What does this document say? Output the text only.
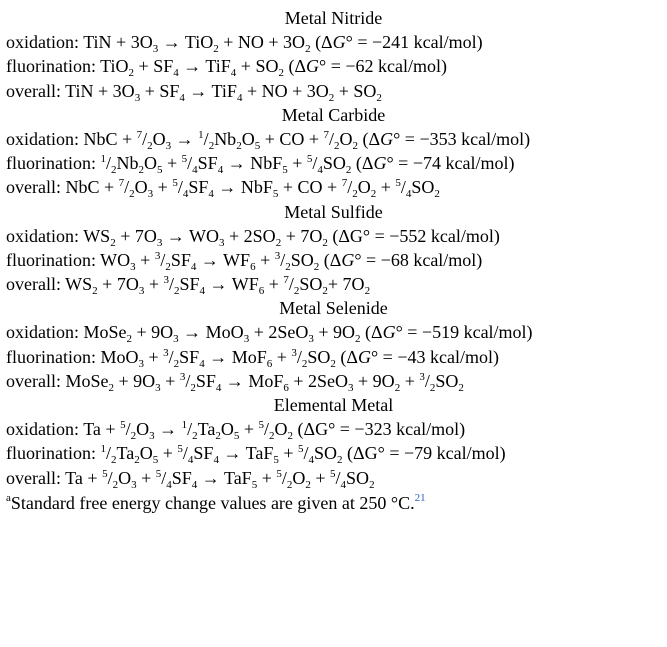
Metal Nitride
oxidation: TiN + $3O_3 \to TiO_2$ + NO + $3O_2$ (ΔG° = −241 kcal/mol)
fluorination: $TiO_2 + SF_4 \to TiF_4 + SO_2$ (ΔG° = −62 kcal/mol)
overall: TiN + $3O_3 + SF_4 \to TiF_4$ + NO + $3O_2 + SO_2$
Metal Carbide
oxidation: NbC + $^7/_2O_3 \to ^1/_2Nb_2O_5$ + CO + $^7/_2O_2$ (ΔG° = −353 kcal/mol)
fluorination: $^1/_2Nb_2O_5 + ^5/_4SF_4 \to NbF_5 + ^5/_4SO_2$ (ΔG° = −74 kcal/mol)
overall: NbC + $^7/_2O_3 + ^5/_4SF_4 \to NbF_5$ + CO + $^7/_2O_2 + ^5/_4SO_2$
Metal Sulfide
oxidation: $WS_2 + 7O_3 \to WO_3 + 2SO_2 + 7O_2$ (ΔG° = −552 kcal/mol)
fluorination: $WO_3 + ^3/_2SF_4 \to WF_6 + ^3/_2SO_2$ (ΔG° = −68 kcal/mol)
overall: $WS_2 + 7O_3 + ^3/_2SF_4 \to WF_6 + ^7/_2SO_2+ 7O_2$
Metal Selenide
oxidation: MoSe$_2$ + $9O_3 \to MoO_3 + 2SeO_3 + 9O_2$ (ΔG° = −519 kcal/mol)
fluorination: $MoO_3 + ^3/_2SF_4 \to MoF_6 + ^3/_2SO_2$ (ΔG° = −43 kcal/mol)
overall: MoSe$_2$ + $9O_3 + ^3/_2SF_4 \to MoF_6 + 2SeO_3 + 9O_2 + ^3/_2SO_2$
Elemental Metal
oxidation: $Ta + ^5/_2O_3 \to ^1/_2Ta_2O_5 + ^5/_2O_2$ (ΔG° = −323 kcal/mol)
fluorination: $^1/_2Ta_2O_5 + ^5/_4SF_4 \to TaF_5 + ^5/_4SO_2$ (ΔG° = −79 kcal/mol)
overall: $Ta + ^5/_2O_3 + ^5/_4SF_4 \to TaF_5 + ^5/_2O_2 + ^5/_4SO_2$
$^a$Standard free energy change values are given at 250 °C.$^{21}$
